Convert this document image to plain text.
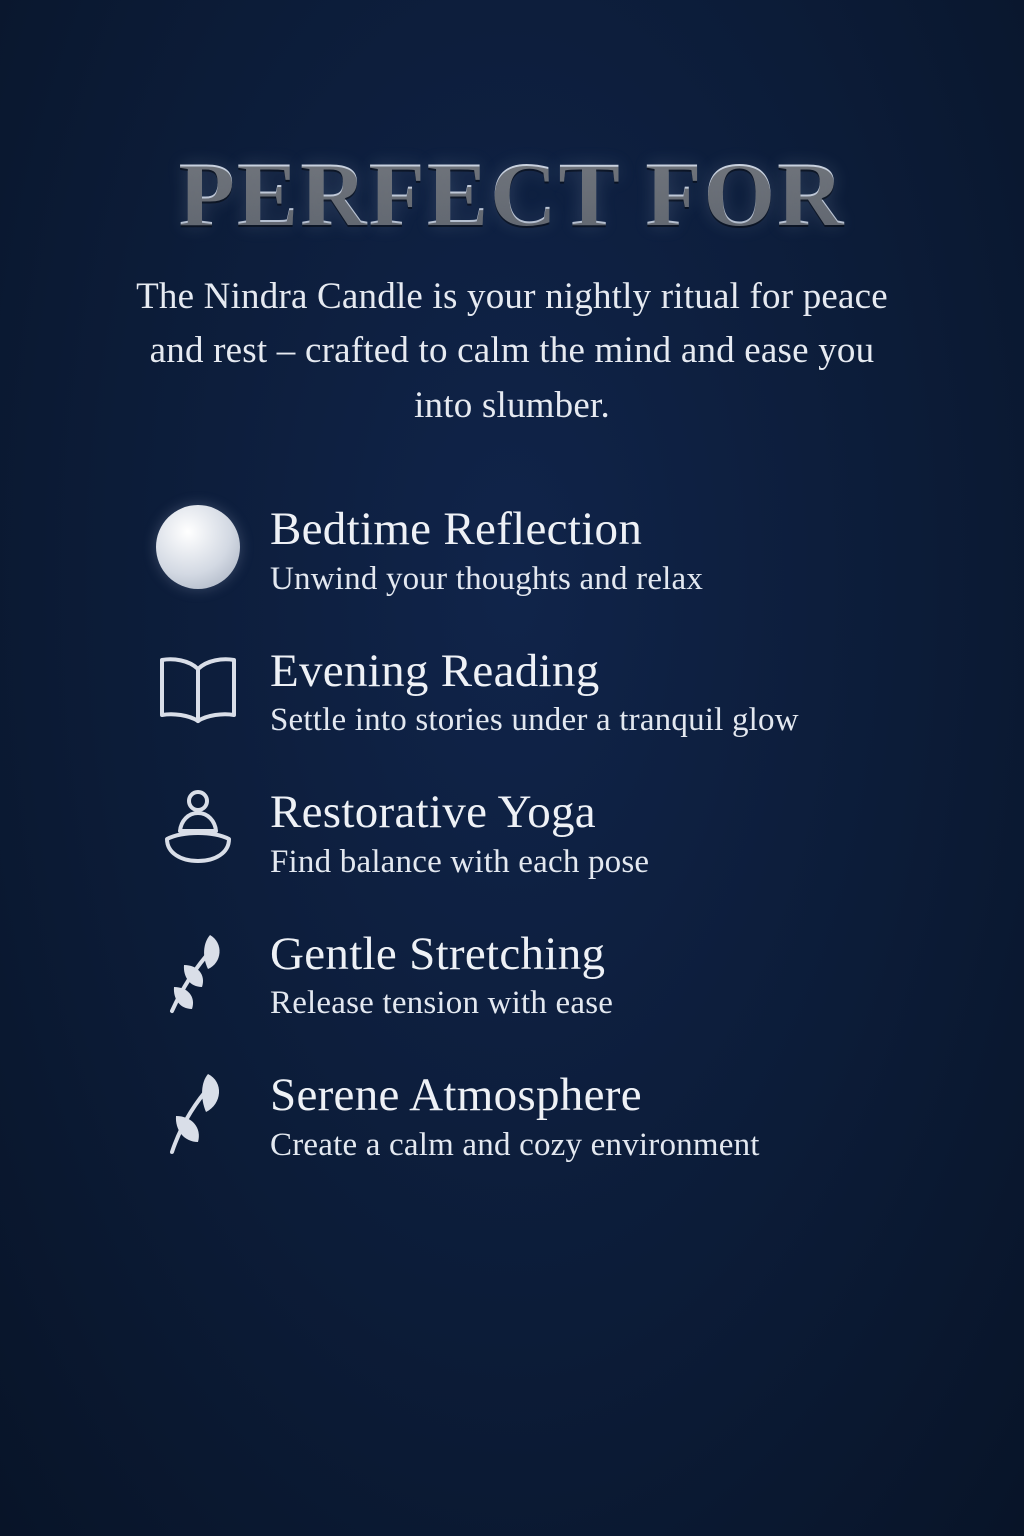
PERFECT FOR

The Nindra Candle is your nightly ritual for peace and rest – crafted to calm the mind and ease you into slumber.

Bedtime Reflection
Unwind your thoughts and relax
Evening Reading
Settle into stories under a tranquil glow
Restorative Yoga
Find balance with each pose
Gentle Stretching
Release tension with ease
Serene Atmosphere
Create a calm and cozy environment
